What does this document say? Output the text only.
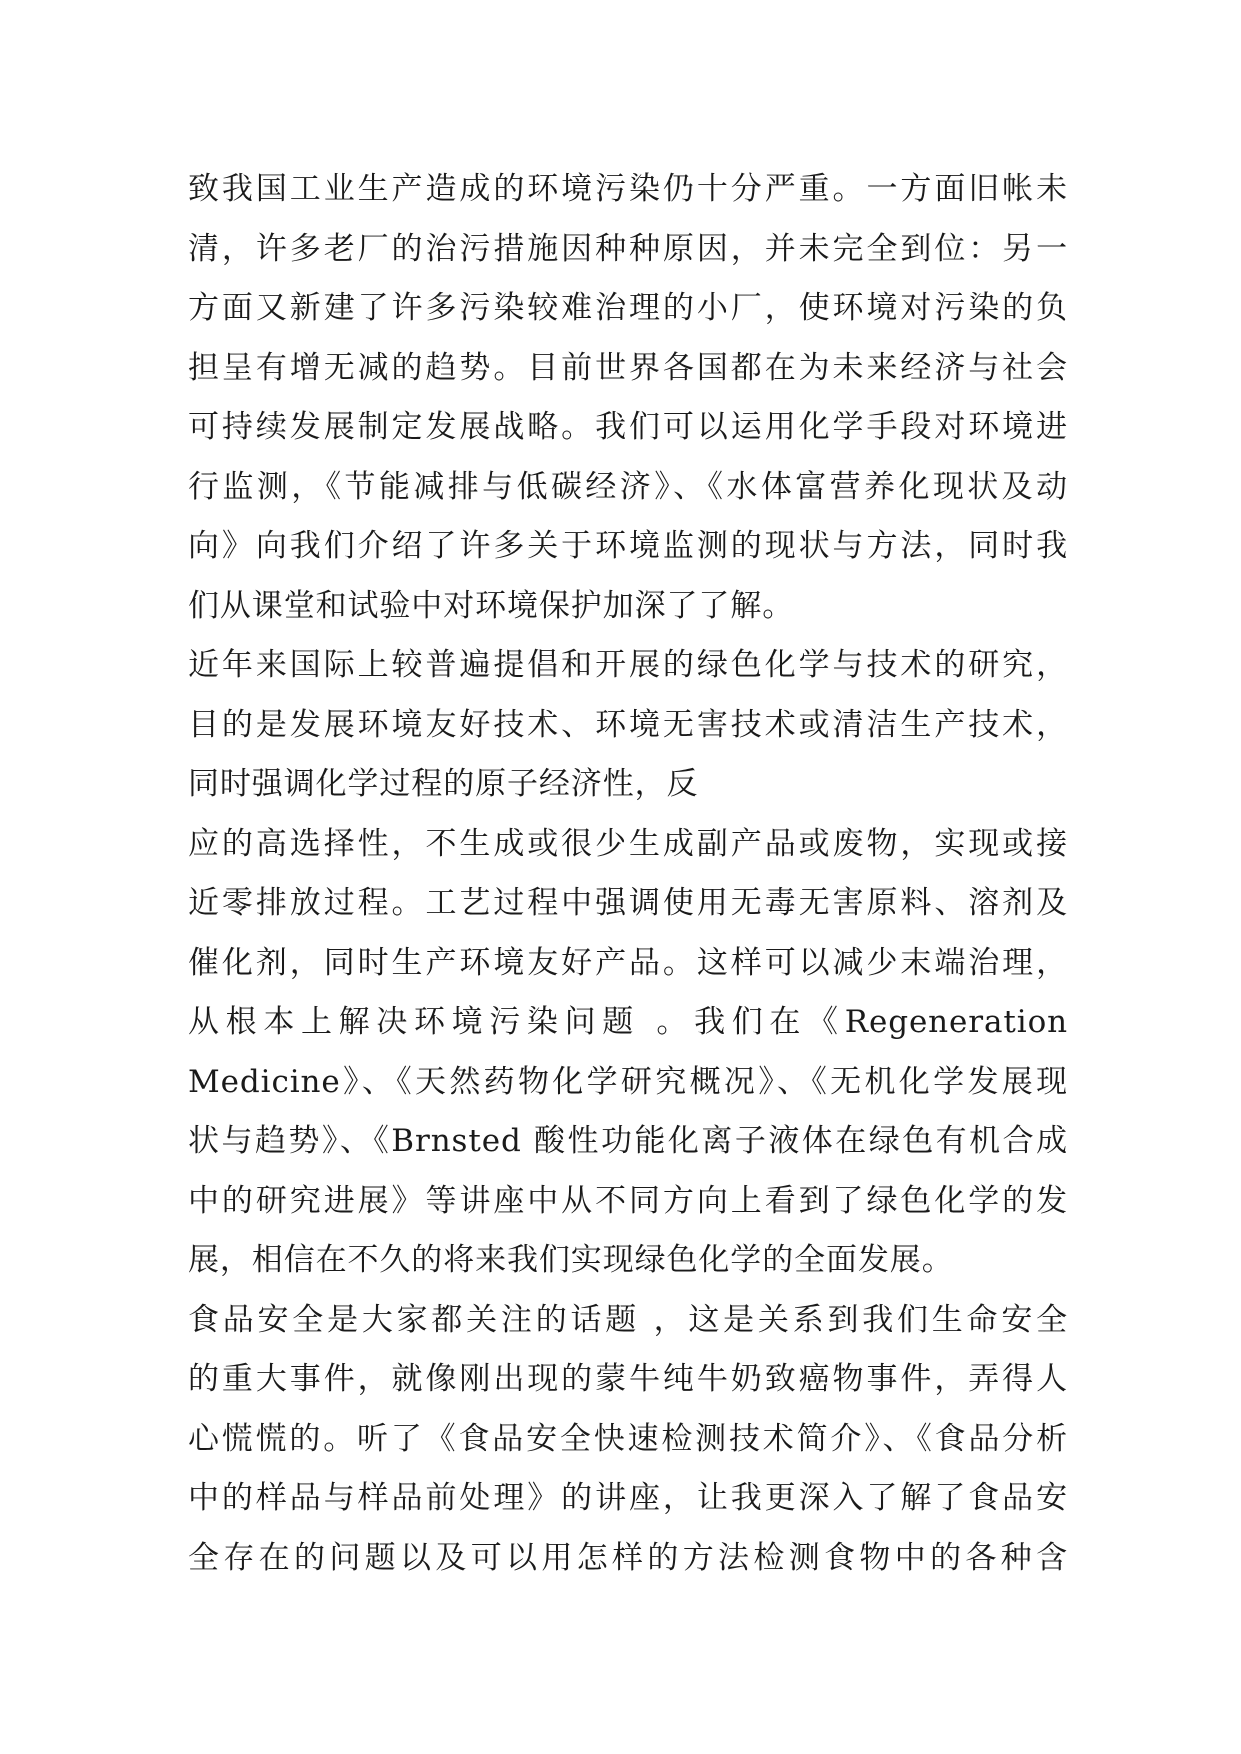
致我国工业生产造成的环境污染仍十分严重。一方面旧帐未
清，许多老厂的治污措施因种种原因，并未完全到位：另一
方面又新建了许多污染较难治理的小厂，使环境对污染的负
担呈有增无减的趋势。目前世界各国都在为未来经济与社会
可持续发展制定发展战略。我们可以运用化学手段对环境进
行监测，《节能减排与低碳经济》、《水体富营养化现状及动
向》向我们介绍了许多关于环境监测的现状与方法，同时我
们从课堂和试验中对环境保护加深了了解。
近年来国际上较普遍提倡和开展的绿色化学与技术的研究，
目的是发展环境友好技术、环境无害技术或清洁生产技术，
同时强调化学过程的原子经济性，反
应的高选择性，不生成或很少生成副产品或废物，实现或接
近零排放过程。工艺过程中强调使用无毒无害原料、溶剂及
催化剂，同时生产环境友好产品。这样可以减少末端治理，
从根本上解决环境污染问题 。我们在《Regeneration
Medicine》、《天然药物化学研究概况》、《无机化学发展现
状与趋势》、《Brnsted 酸性功能化离子液体在绿色有机合成
中的研究进展》等讲座中从不同方向上看到了绿色化学的发
展，相信在不久的将来我们实现绿色化学的全面发展。
食品安全是大家都关注的话题 ，这是关系到我们生命安全
的重大事件，就像刚出现的蒙牛纯牛奶致癌物事件，弄得人
心慌慌的。听了《食品安全快速检测技术简介》、《食品分析
中的样品与样品前处理》的讲座，让我更深入了解了食品安
全存在的问题以及可以用怎样的方法检测食物中的各种含
